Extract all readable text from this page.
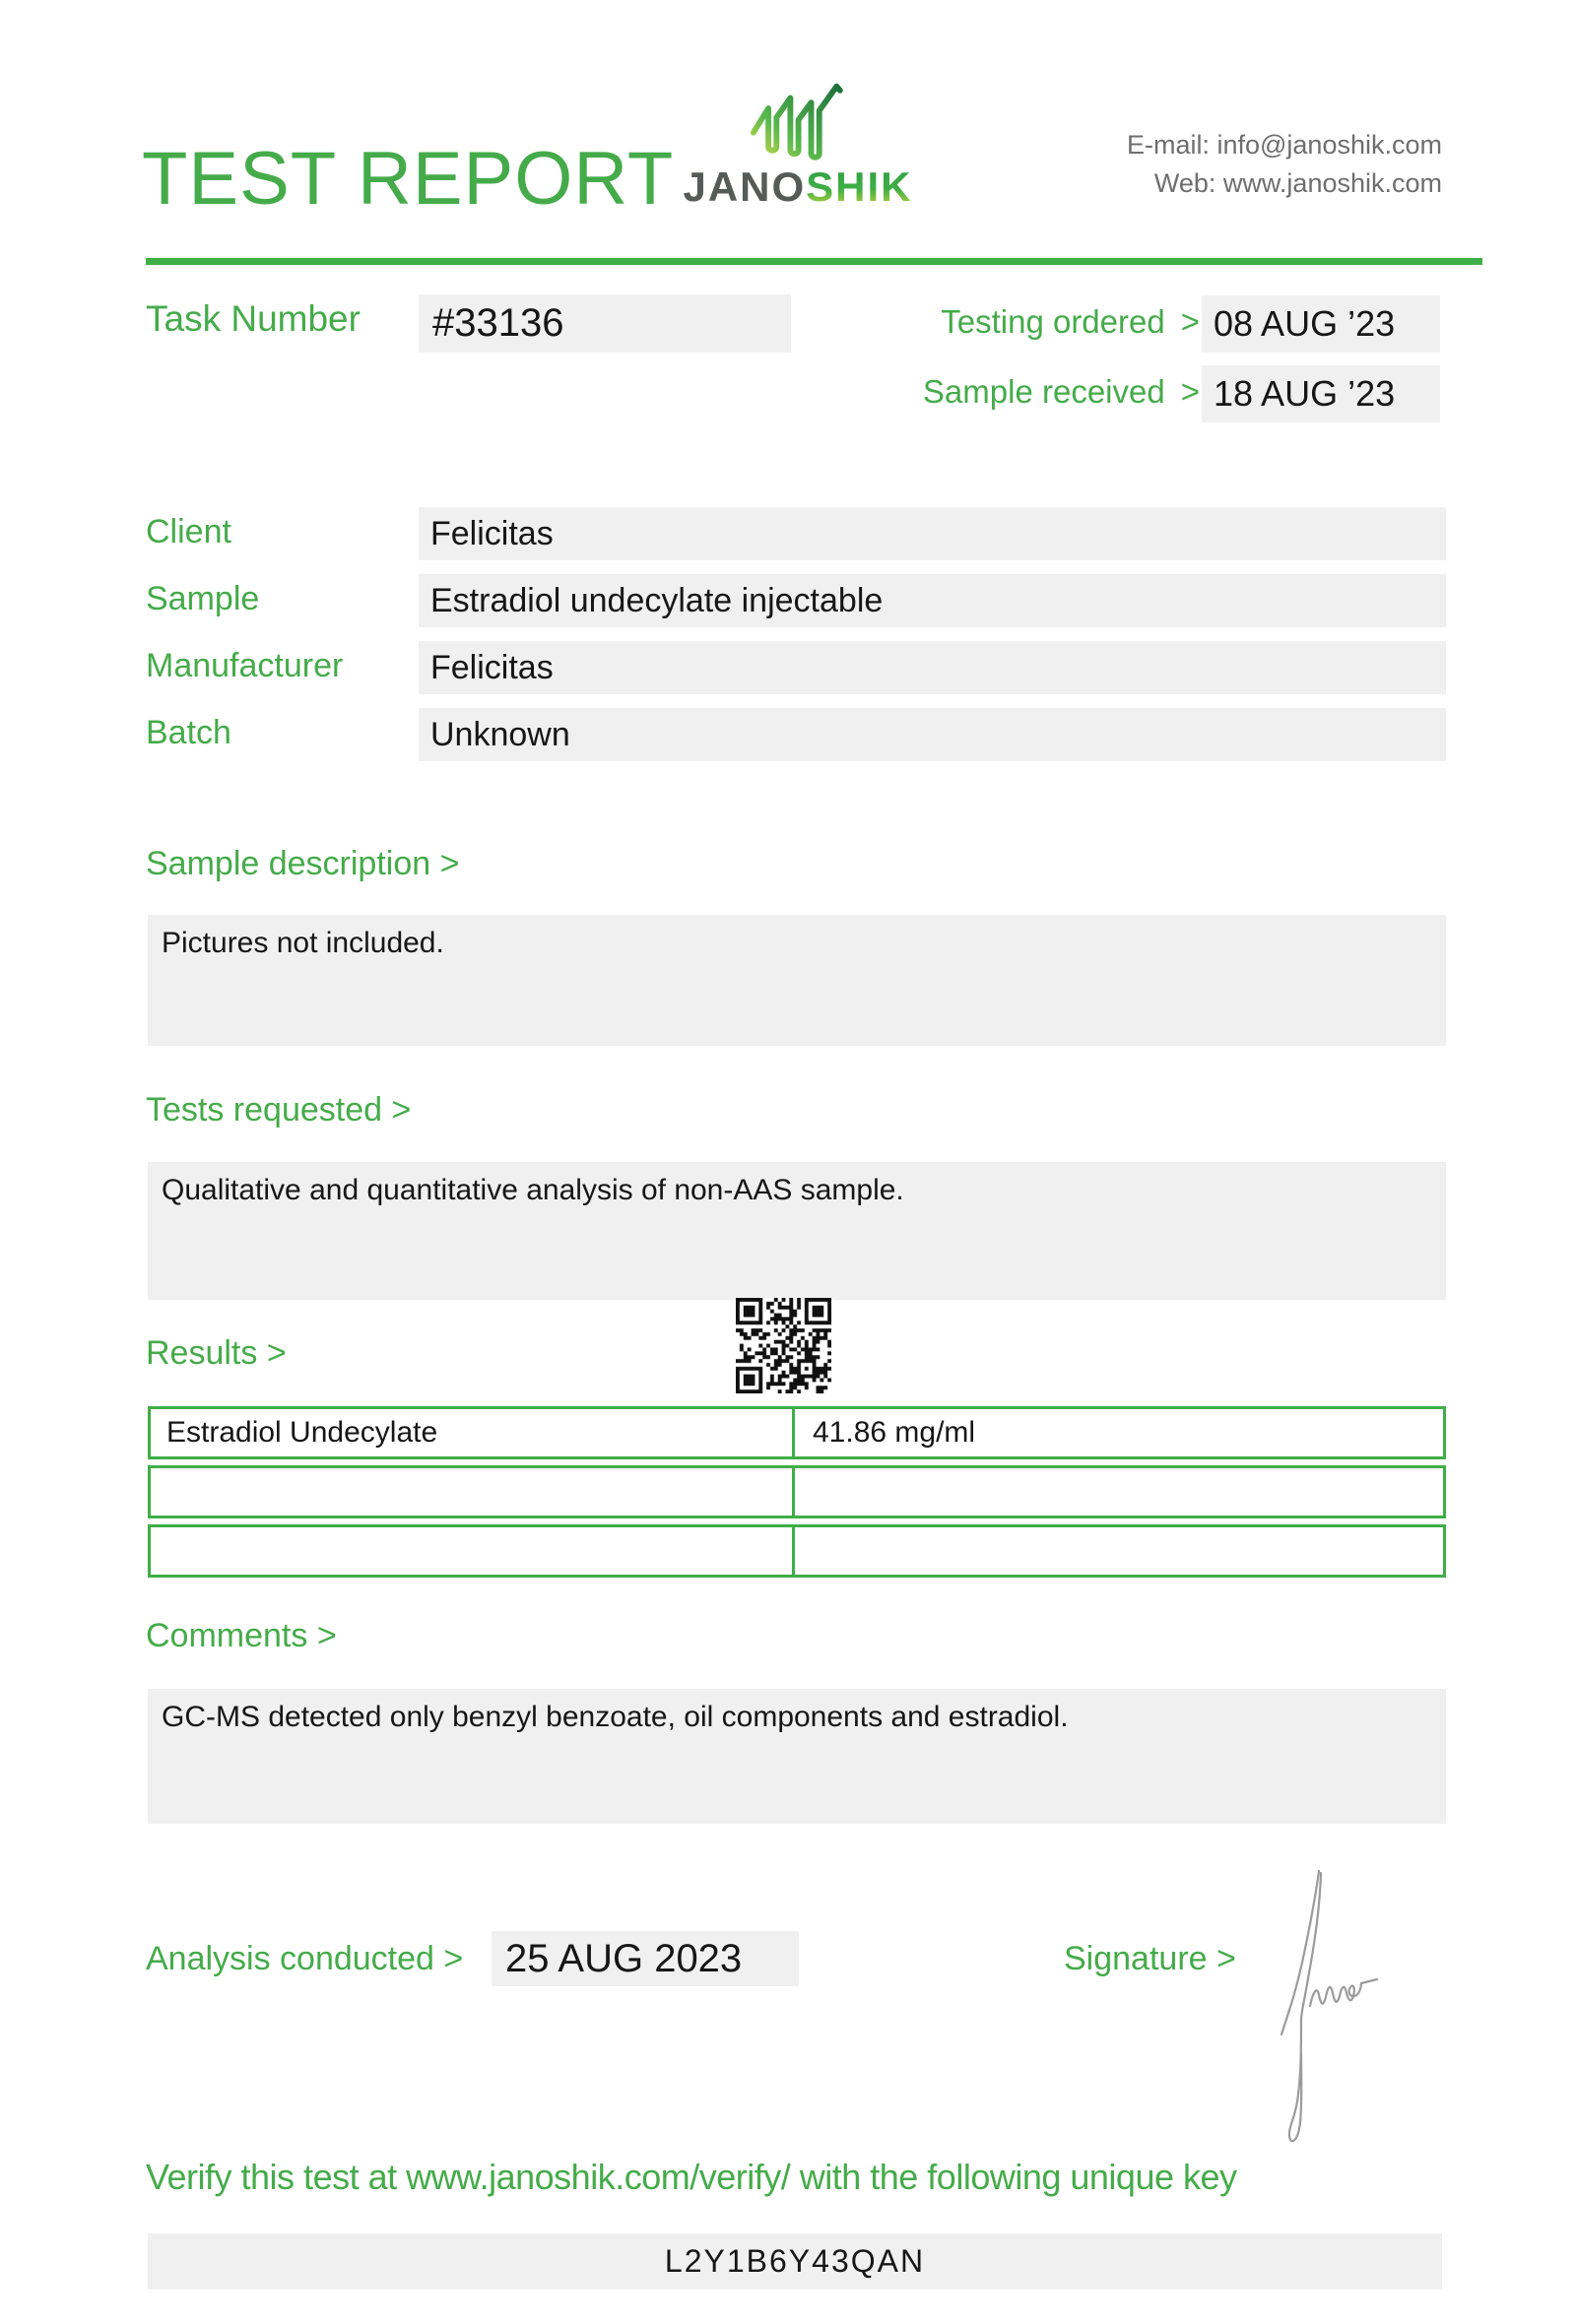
TEST REPORT JANOSHIK
E-mail: info@janoshik.com
Web: www.janoshik.com
Task Number	#33136	Testing ordered > 08 AUG ’23
Sample received > 18 AUG ’23
Client	Felicitas
Sample	Estradiol undecylate injectable
Manufacturer	Felicitas
Batch	Unknown
Sample description >
Pictures not included.
Tests requested >
Qualitative and quantitative analysis of non-AAS sample.
Results >
Estradiol Undecylate	41.86 mg/ml
Comments >
GC-MS detected only benzyl benzoate, oil components and estradiol.
Analysis conducted >	25 AUG 2023	Signature >
Verify this test at www.janoshik.com/verify/ with the following unique key
L2Y1B6Y43QAN
